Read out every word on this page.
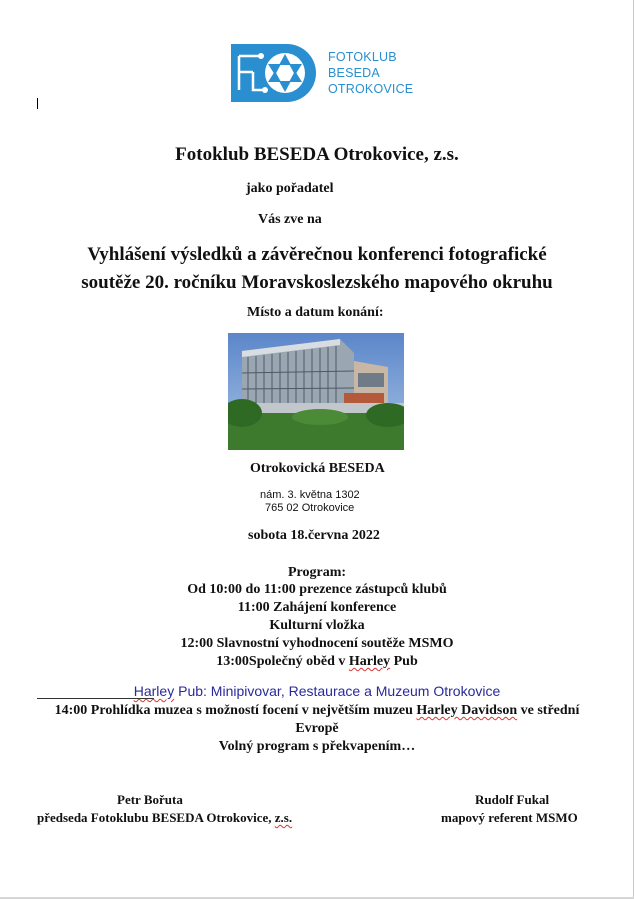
FOTOKLUB
BESEDA
OTROKOVICE
Fotoklub BESEDA Otrokovice, z.s.
jako pořadatel
Vás zve na
Vyhlášení výsledků a závěrečnou konferenci fotografické
soutěže 20. ročníku Moravskoslezského mapového okruhu
Místo a datum konání:
Otrokovická BESEDA
nám. 3. května 1302
765 02 Otrokovice
sobota 18.června 2022
Program:
Od 10:00 do 11:00 prezence zástupců klubů
11:00 Zahájení konference
Kulturní vložka
12:00 Slavnostní vyhodnocení soutěže MSMO
13:00Společný oběd v Harley Pub
Harley Pub: Minipivovar, Restaurace a Muzeum Otrokovice
14:00 Prohlídka muzea s možností focení v největším muzeu Harley Davidson ve střední
Evropě
Volný program s překvapením…
Petr Bořuta
předseda Fotoklubu BESEDA Otrokovice, z.s.
Rudolf Fukal
mapový referent MSMO
